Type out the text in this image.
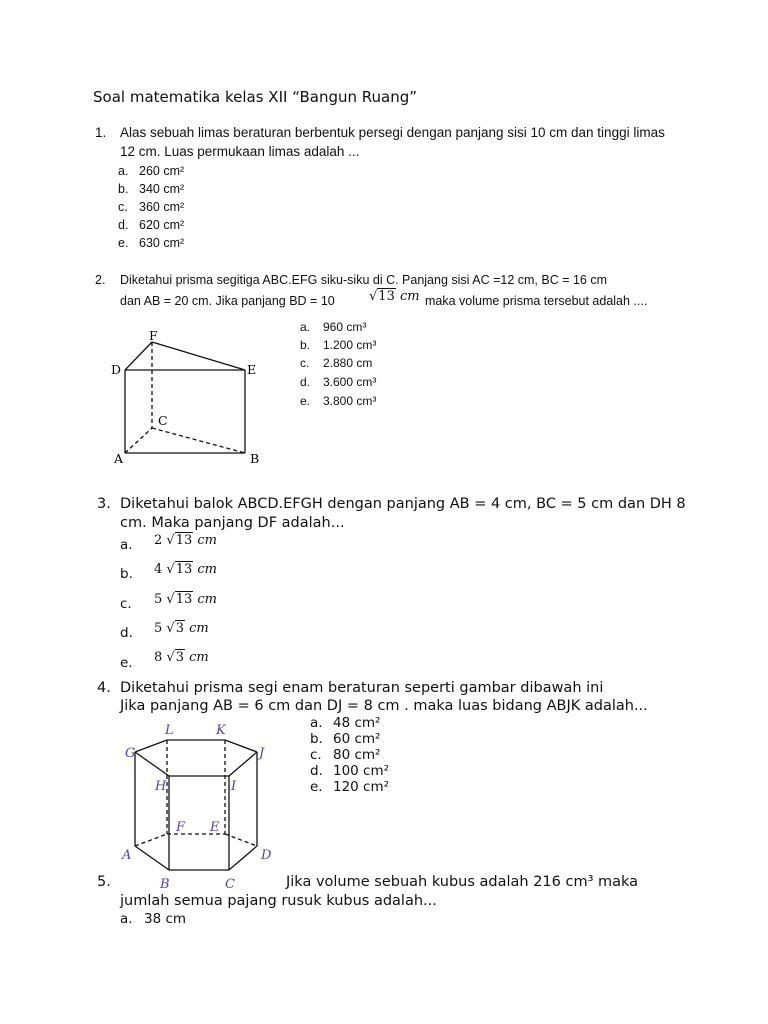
Soal matematika kelas XII “Bangun Ruang”
1. Alas sebuah limas beraturan berbentuk persegi dengan panjang sisi 10 cm dan tinggi limas
12 cm. Luas permukaan limas adalah ...
a. 260 cm²
b. 340 cm²
c. 360 cm²
d. 620 cm²
e. 630 cm²
2. Diketahui prisma segitiga ABC.EFG siku-siku di C. Panjang sisi AC =12 cm, BC = 16 cm
dan AB = 20 cm. Jika panjang BD = 10	√13 cm maka volume prisma tersebut adalah ....
a. 960 cm³
b. 1.200 cm³
c. 2.880 cm
d. 3.600 cm³
e. 3.800 cm³
F
D	E
C
A	B
3. Diketahui balok ABCD.EFGH dengan panjang AB = 4 cm, BC = 5 cm dan DH 8
cm. Maka panjang DF adalah...
a. 2 √13 cm
b. 4 √13 cm
c. 5 √13 cm
d. 5 √3 cm
e. 8 √3 cm
4. Diketahui prisma segi enam beraturan seperti gambar dibawah ini
Jika panjang AB = 6 cm dan DJ = 8 cm . maka luas bidang ABJK adalah...
a. 48 cm²
b. 60 cm²
c. 80 cm²
d. 100 cm²
e. 120 cm²
L	K
G	J
H	I
F E
A	D
B	C
5.	Jika volume sebuah kubus adalah 216 cm³ maka
jumlah semua pajang rusuk kubus adalah...
a. 38 cm
